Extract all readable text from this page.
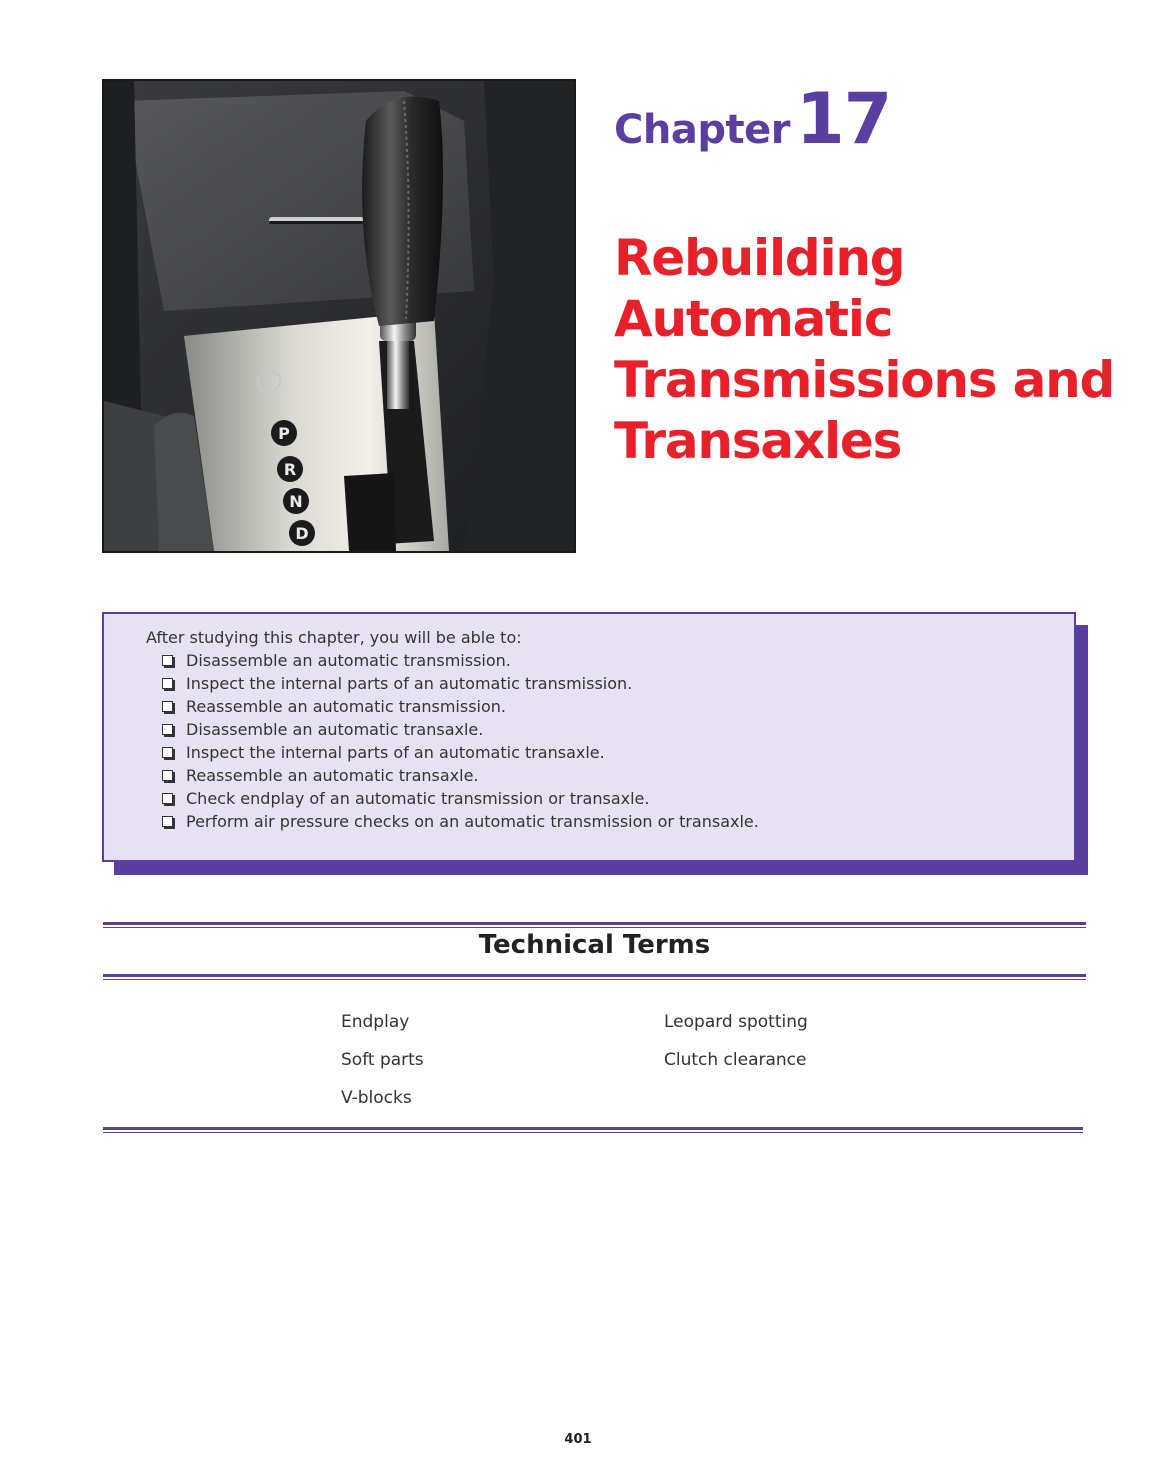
P
R
N
D
Chapter17
Rebuilding
Automatic
Transmissions and
Transaxles
After studying this chapter, you will be able to:
Disassemble an automatic transmission.
Inspect the internal parts of an automatic transmission.
Reassemble an automatic transmission.
Disassemble an automatic transaxle.
Inspect the internal parts of an automatic transaxle.
Reassemble an automatic transaxle.
Check endplay of an automatic transmission or transaxle.
Perform air pressure checks on an automatic transmission or transaxle.
Technical Terms
Endplay
Soft parts
V-blocks
Leopard spotting
Clutch clearance
401
